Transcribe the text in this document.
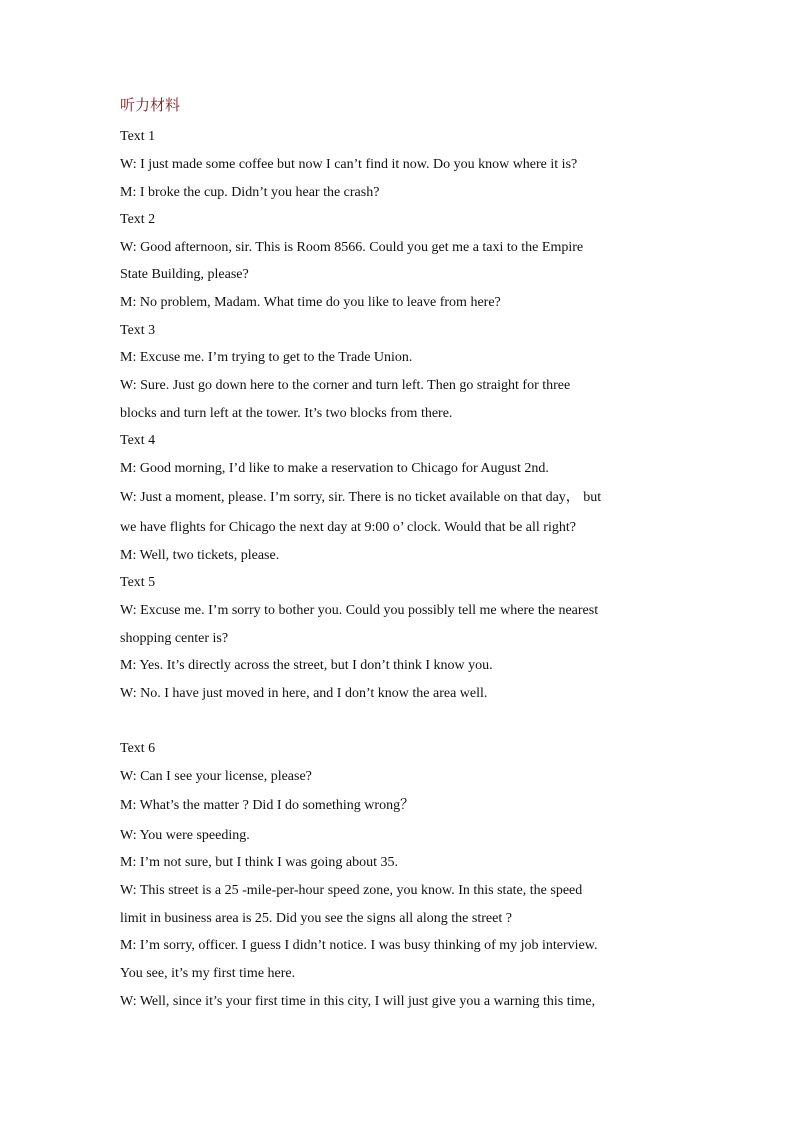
听力材料
Text 1
W: I just made some coffee but now I can’t find it now. Do you know where it is?
M: I broke the cup. Didn’t you hear the crash?
Text 2
W: Good afternoon, sir. This is Room 8566. Could you get me a taxi to the Empire
State Building, please?
M: No problem, Madam. What time do you like to leave from here?
Text 3
M: Excuse me. I’m trying to get to the Trade Union.
W: Sure. Just go down here to the corner and turn left. Then go straight for three
blocks and turn left at the tower. It’s two blocks from there.
Text 4
M: Good morning, I’d like to make a reservation to Chicago for August 2nd.
W: Just a moment, please. I’m sorry, sir. There is no ticket available on that day， but
we have flights for Chicago the next day at 9:00 o’ clock. Would that be all right?
M: Well, two tickets, please.
Text 5
W: Excuse me. I’m sorry to bother you. Could you possibly tell me where the nearest
shopping center is?
M: Yes. It’s directly across the street, but I don’t think I know you.
W: No. I have just moved in here, and I don’t know the area well.
Text 6
W: Can I see your license, please?
M: What’s the matter ? Did I do something wrong？
W: You were speeding.
M: I’m not sure, but I think I was going about 35.
W: This street is a 25 -mile-per-hour speed zone, you know. In this state, the speed
limit in business area is 25. Did you see the signs all along the street ?
M: I’m sorry, officer. I guess I didn’t notice. I was busy thinking of my job interview.
You see, it’s my first time here.
W: Well, since it’s your first time in this city, I will just give you a warning this time,
